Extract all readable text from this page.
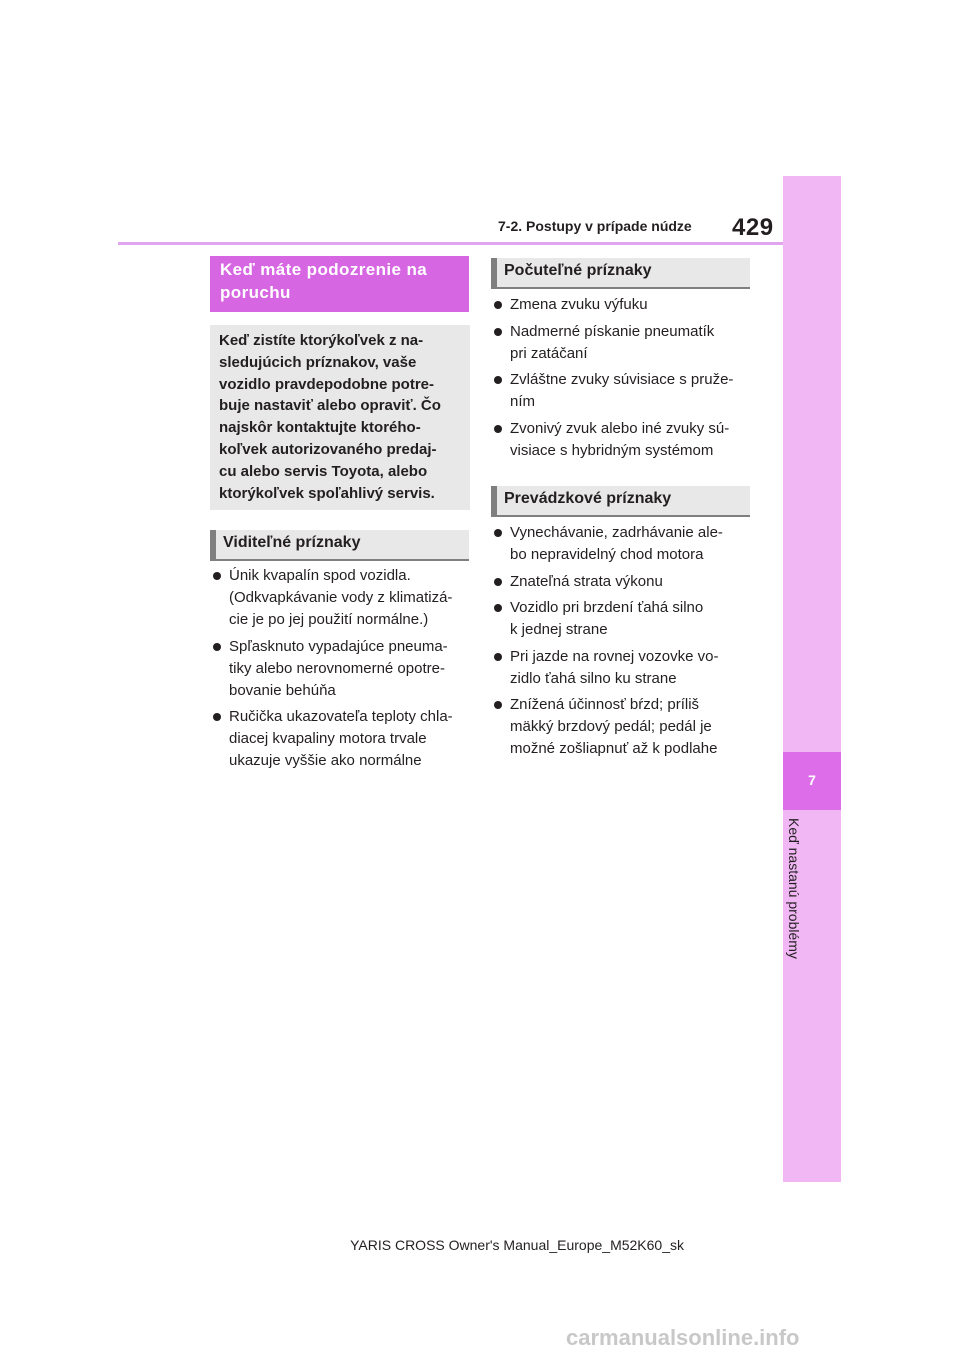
7-2. Postupy v prípade núdze 429
7
Keď nastanú problémy
Keď máte podozrenie na
poruchu
Keď zistíte ktorýkoľvek z na-
sledujúcich príznakov, vaše
vozidlo pravdepodobne potre-
buje nastaviť alebo opraviť. Čo
najskôr kontaktujte ktorého-
koľvek autorizovaného predaj-
cu alebo servis Toyota, alebo
ktorýkoľvek spoľahlivý servis.
Viditeľné príznaky
Únik kvapalín spod vozidla.
(Odkvapkávanie vody z klimatizá-
cie je po jej použití normálne.)
Spľasknuto vypadajúce pneuma-
tiky alebo nerovnomerné opotre-
bovanie behúňa
Ručička ukazovateľa teploty chla-
diacej kvapaliny motora trvale
ukazuje vyššie ako normálne
Počuteľné príznaky
Zmena zvuku výfuku
Nadmerné pískanie pneumatík
pri zatáčaní
Zvláštne zvuky súvisiace s pruže-
ním
Zvonivý zvuk alebo iné zvuky sú-
visiace s hybridným systémom
Prevádzkové príznaky
Vynechávanie, zadrhávanie ale-
bo nepravidelný chod motora
Znateľná strata výkonu
Vozidlo pri brzdení ťahá silno
k jednej strane
Pri jazde na rovnej vozovke vo-
zidlo ťahá silno ku strane
Znížená účinnosť bŕzd; príliš
mäkký brzdový pedál; pedál je
možné zošliapnuť až k podlahe
YARIS CROSS Owner's Manual_Europe_M52K60_sk
carmanualsonline.info
